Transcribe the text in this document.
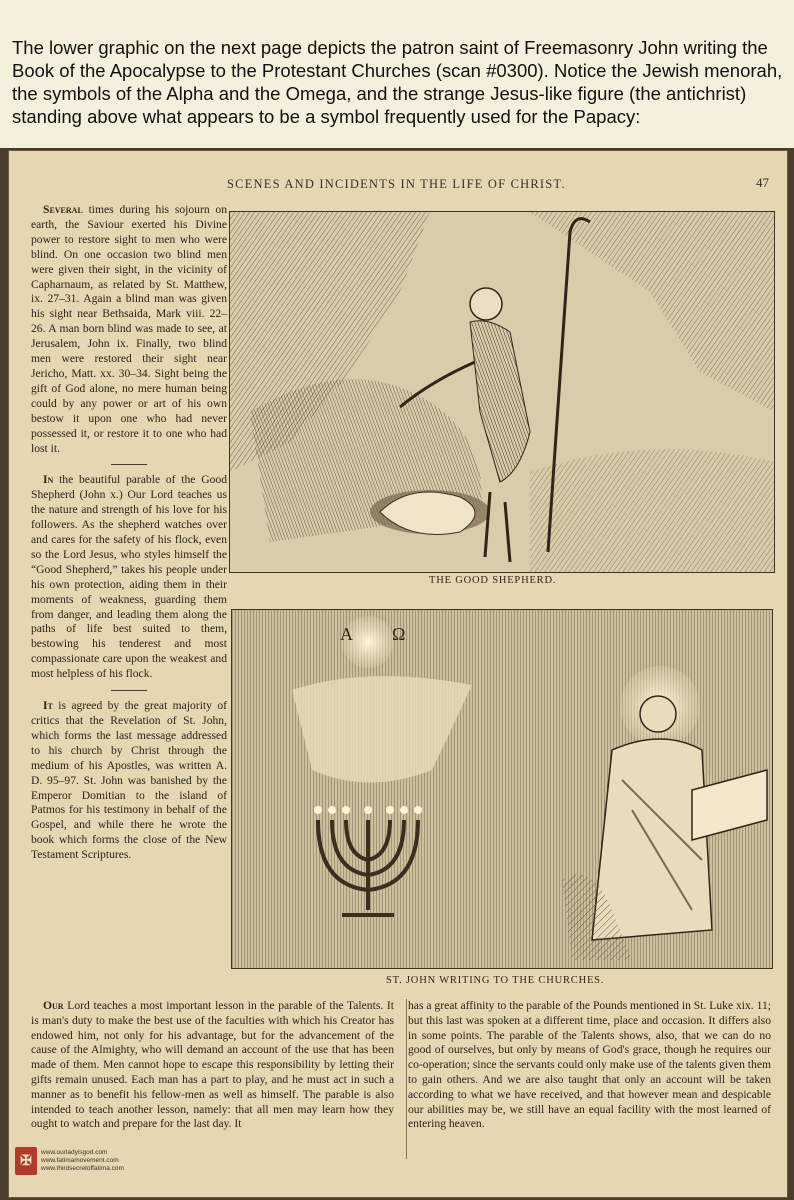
The lower graphic on the next page depicts the patron saint of Freemasonry John writing the Book of the Apocalypse to the Protestant Churches (scan #0300). Notice the Jewish menorah, the symbols of the Alpha and the Omega, and the strange Jesus-like figure (the antichrist) standing above what appears to be a symbol frequently used for the Papacy:
SCENES AND INCIDENTS IN THE LIFE OF CHRIST.	47

Several times during his sojourn on earth, the Saviour exerted his Divine power to restore sight to men who were blind. On one occasion two blind men were given their sight, in the vicinity of Capharnaum, as related by St. Matthew, ix. 27–31. Again a blind man was given his sight near Bethsaida, Mark viii. 22–26. A man born blind was made to see, at Jerusalem, John ix. Finally, two blind men were restored their sight near Jericho, Matt. xx. 30–34. Sight being the gift of God alone, no mere human being could by any power or art of his own bestow it upon one who had never possessed it, or restore it to one who had lost it.

In the beautiful parable of the Good Shepherd (John x.) Our Lord teaches us the nature and strength of his love for his followers. As the shepherd watches over and cares for the safety of his flock, even so the Lord Jesus, who styles himself the “Good Shepherd,” takes his people under his own protection, aiding them in their moments of weakness, guarding them from danger, and leading them along the paths of life best suited to them, bestowing his tenderest and most compassionate care upon the weakest and most helpless of his flock.

It is agreed by the great majority of critics that the Revelation of St. John, which forms the last message addressed to his church by Christ through the medium of his Apostles, was written A. D. 95–97. St. John was banished by the Emperor Domitian to the island of Patmos for his testimony in behalf of the Gospel, and while there he wrote the book which forms the close of the New Testament Scriptures.

THE GOOD SHEPHERD.
Α Ω
ST. JOHN WRITING TO THE CHURCHES.

Our Lord teaches a most important lesson in the parable of the Talents. It is man's duty to make the best use of the faculties with which his Creator has endowed him, not only for his advantage, but for the advancement of the cause of the Almighty, who will demand an account of the use that has been made of them. Men cannot hope to escape this responsibility by letting their gifts remain unused. Each man has a part to play, and he must act in such a manner as to benefit his fellow-men as well as himself. The parable is also intended to teach another lesson, namely: that all men may learn how they ought to watch and prepare for the last day. It

has a great affinity to the parable of the Pounds mentioned in St. Luke xix. 11; but this last was spoken at a different time, place and occasion. It differs also in some points. The parable of the Talents shows, also, that we can do no good of ourselves, but only by means of God's grace, though he requires our co-operation; since the servants could only make use of the talents given them to gain others. And we are also taught that only an account will be taken according to what we have received, and that however mean and despicable our abilities may be, we still have an equal facility with the most learned of entering heaven.

✠
www.ourladyisgod.com
www.fatimamovement.com
www.thirdsecretoffatima.com
